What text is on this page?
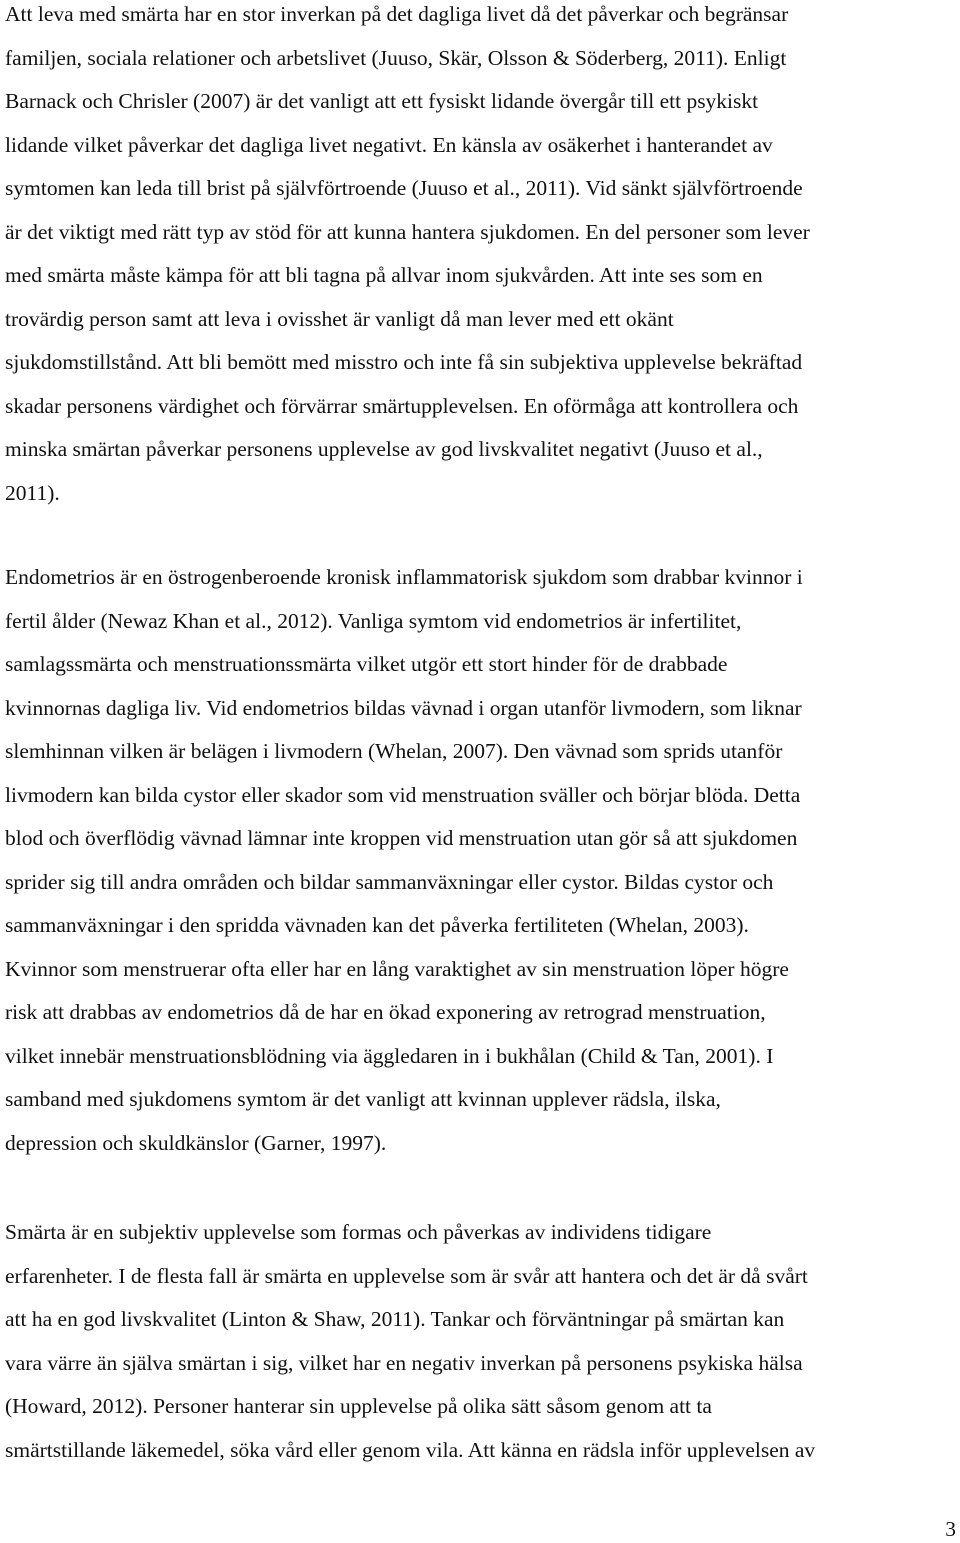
Att leva med smärta har en stor inverkan på det dagliga livet då det påverkar och begränsar
familjen, sociala relationer och arbetslivet (Juuso, Skär, Olsson & Söderberg, 2011). Enligt
Barnack och Chrisler (2007) är det vanligt att ett fysiskt lidande övergår till ett psykiskt
lidande vilket påverkar det dagliga livet negativt. En känsla av osäkerhet i hanterandet av
symtomen kan leda till brist på självförtroende (Juuso et al., 2011). Vid sänkt självförtroende
är det viktigt med rätt typ av stöd för att kunna hantera sjukdomen. En del personer som lever
med smärta måste kämpa för att bli tagna på allvar inom sjukvården. Att inte ses som en
trovärdig person samt att leva i ovisshet är vanligt då man lever med ett okänt
sjukdomstillstånd. Att bli bemött med misstro och inte få sin subjektiva upplevelse bekräftad
skadar personens värdighet och förvärrar smärtupplevelsen. En oförmåga att kontrollera och
minska smärtan påverkar personens upplevelse av god livskvalitet negativt (Juuso et al.,
2011).

Endometrios är en östrogenberoende kronisk inflammatorisk sjukdom som drabbar kvinnor i
fertil ålder (Newaz Khan et al., 2012). Vanliga symtom vid endometrios är infertilitet,
samlagssmärta och menstruationssmärta vilket utgör ett stort hinder för de drabbade
kvinnornas dagliga liv. Vid endometrios bildas vävnad i organ utanför livmodern, som liknar
slemhinnan vilken är belägen i livmodern (Whelan, 2007). Den vävnad som sprids utanför
livmodern kan bilda cystor eller skador som vid menstruation sväller och börjar blöda. Detta
blod och överflödig vävnad lämnar inte kroppen vid menstruation utan gör så att sjukdomen
sprider sig till andra områden och bildar sammanväxningar eller cystor. Bildas cystor och
sammanväxningar i den spridda vävnaden kan det påverka fertiliteten (Whelan, 2003).
Kvinnor som menstruerar ofta eller har en lång varaktighet av sin menstruation löper högre
risk att drabbas av endometrios då de har en ökad exponering av retrograd menstruation,
vilket innebär menstruationsblödning via äggledaren in i bukhålan (Child & Tan, 2001). I
samband med sjukdomens symtom är det vanligt att kvinnan upplever rädsla, ilska,
depression och skuldkänslor (Garner, 1997).

Smärta är en subjektiv upplevelse som formas och påverkas av individens tidigare
erfarenheter. I de flesta fall är smärta en upplevelse som är svår att hantera och det är då svårt
att ha en god livskvalitet (Linton & Shaw, 2011). Tankar och förväntningar på smärtan kan
vara värre än själva smärtan i sig, vilket har en negativ inverkan på personens psykiska hälsa
(Howard, 2012). Personer hanterar sin upplevelse på olika sätt såsom genom att ta
smärtstillande läkemedel, söka vård eller genom vila. Att känna en rädsla inför upplevelsen av

3
